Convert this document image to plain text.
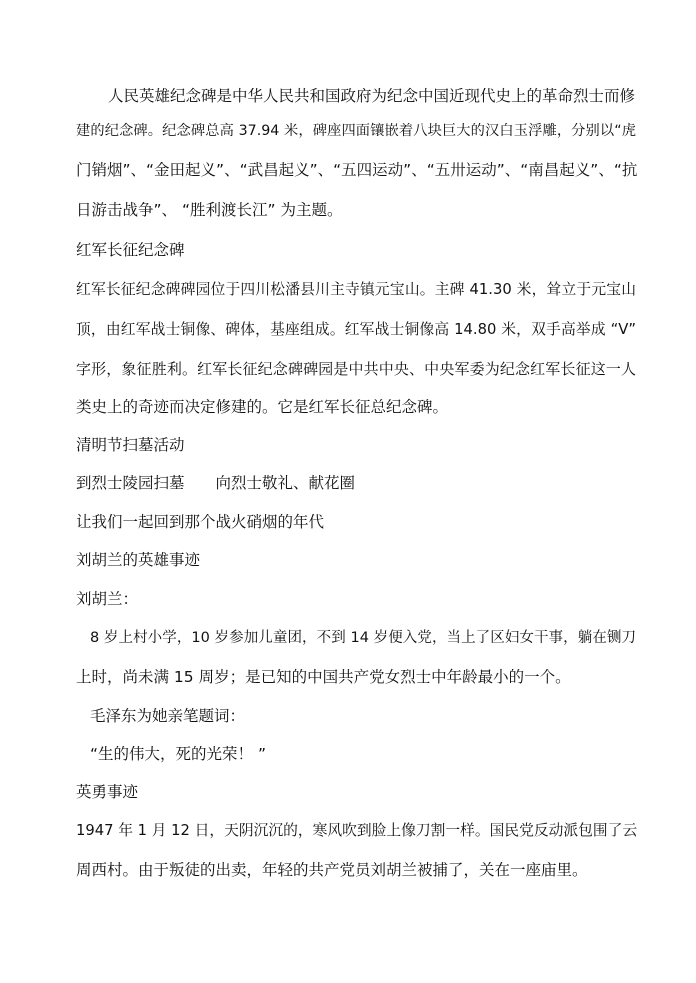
人民英雄纪念碑是中华人民共和国政府为纪念中国近现代史上的革命烈士而修
建的纪念碑。纪念碑总高 37.94 米，碑座四面镶嵌着八块巨大的汉白玉浮雕，分别以“虎
门销烟”、“金田起义”、“武昌起义”、“五四运动”、“五卅运动”、“南昌起义”、“抗
日游击战争”、 “胜利渡长江” 为主题。
红军长征纪念碑
红军长征纪念碑碑园位于四川松潘县川主寺镇元宝山。主碑 41.30 米，耸立于元宝山
顶，由红军战士铜像、碑体，基座组成。红军战士铜像高 14.80 米，双手高举成 “V”
字形，象征胜利。红军长征纪念碑碑园是中共中央、中央军委为纪念红军长征这一人
类史上的奇迹而决定修建的。它是红军长征总纪念碑。
清明节扫墓活动
到烈士陵园扫墓　　向烈士敬礼、献花圈
让我们一起回到那个战火硝烟的年代
刘胡兰的英雄事迹
刘胡兰：
8 岁上村小学，10 岁参加儿童团，不到 14 岁便入党，当上了区妇女干事，躺在铡刀
上时，尚未满 15 周岁；是已知的中国共产党女烈士中年龄最小的一个。
毛泽东为她亲笔题词：
“生的伟大，死的光荣！ ”
英勇事迹
1947 年 1 月 12 日，天阴沉沉的，寒风吹到脸上像刀割一样。国民党反动派包围了云
周西村。由于叛徒的出卖，年轻的共产党员刘胡兰被捕了，关在一座庙里。
